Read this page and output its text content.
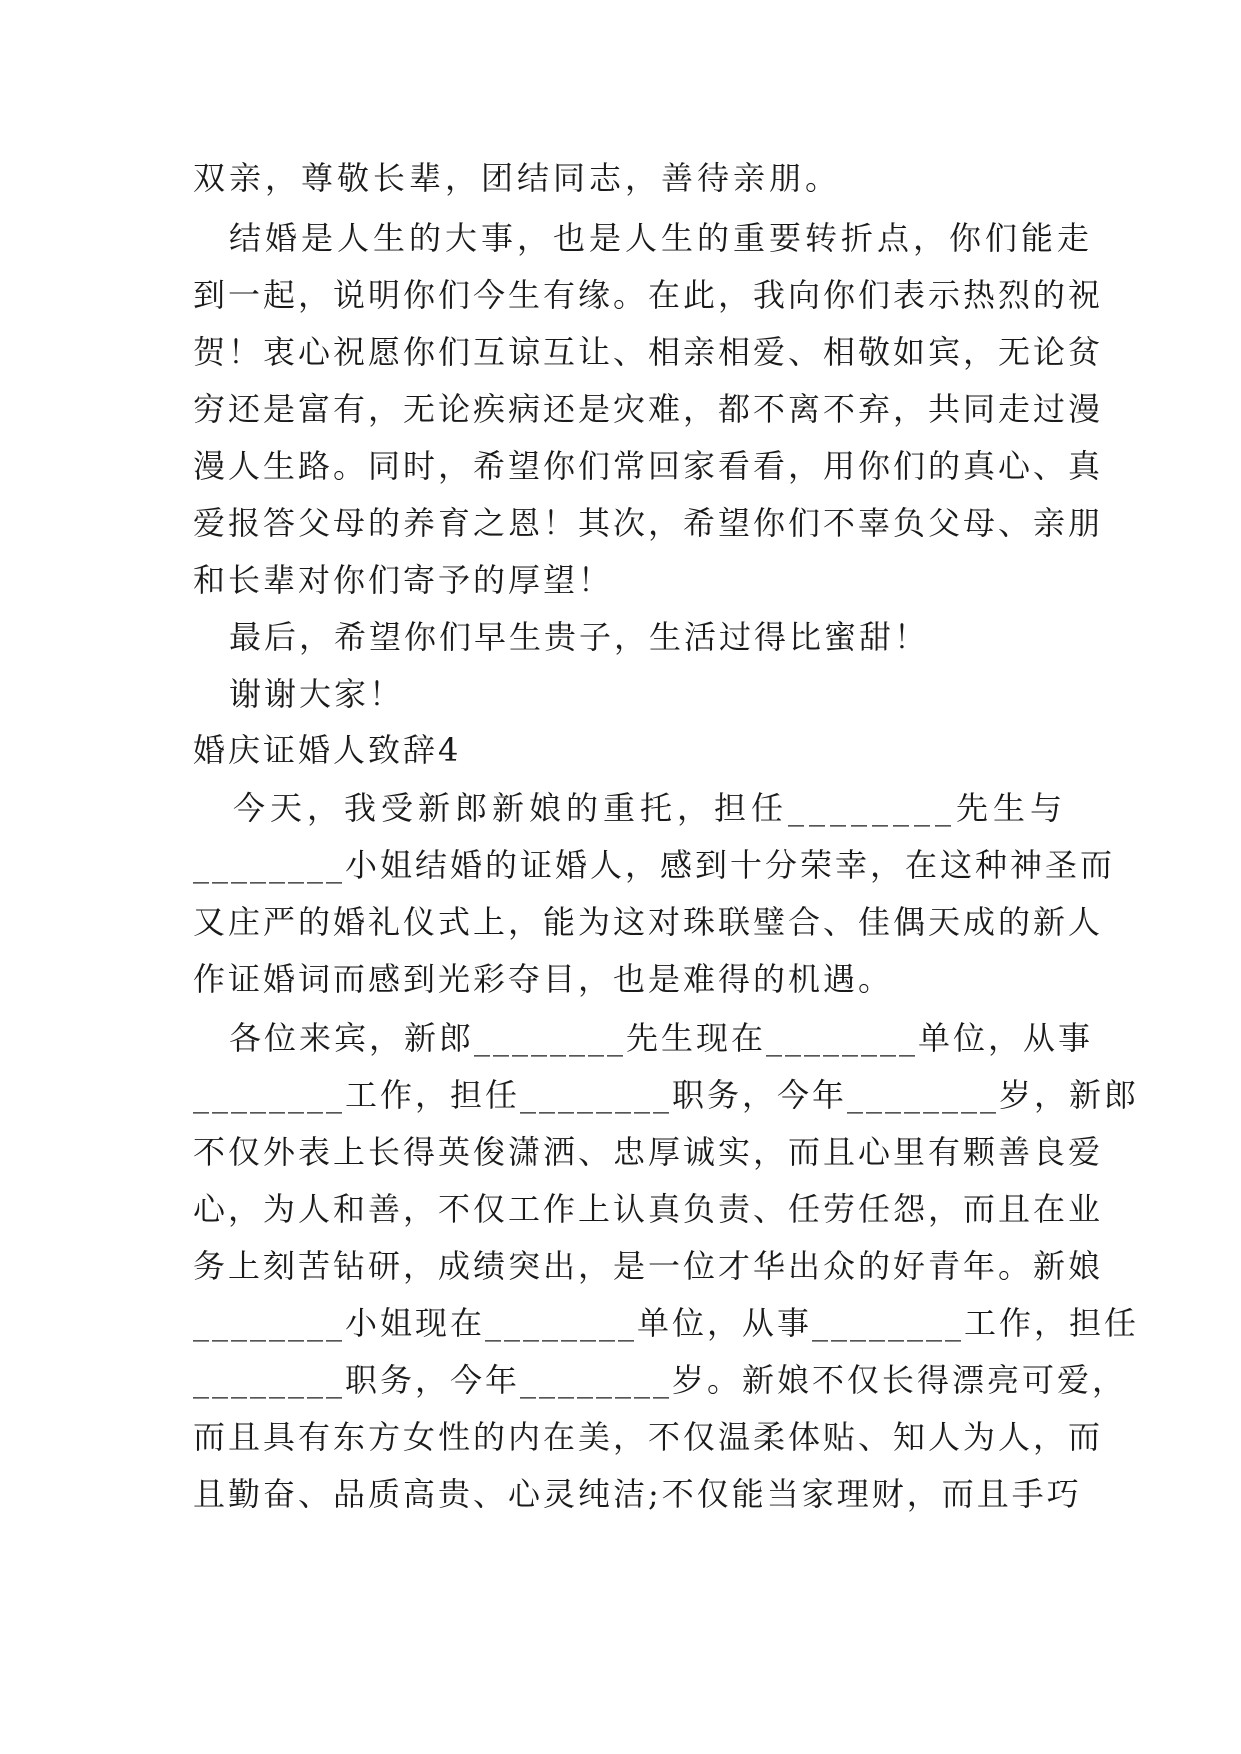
双亲，尊敬长辈，团结同志，善待亲朋。
结婚是人生的大事，也是人生的重要转折点，你们能走
到一起，说明你们今生有缘。在此，我向你们表示热烈的祝
贺！衷心祝愿你们互谅互让、相亲相爱、相敬如宾，无论贫
穷还是富有，无论疾病还是灾难，都不离不弃，共同走过漫
漫人生路。同时，希望你们常回家看看，用你们的真心、真
爱报答父母的养育之恩！其次，希望你们不辜负父母、亲朋
和长辈对你们寄予的厚望！
最后，希望你们早生贵子，生活过得比蜜甜！
谢谢大家！
婚庆证婚人致辞4
今天，我受新郎新娘的重托，担任________先生与
________小姐结婚的证婚人，感到十分荣幸，在这种神圣而
又庄严的婚礼仪式上，能为这对珠联璧合、佳偶天成的新人
作证婚词而感到光彩夺目，也是难得的机遇。
各位来宾，新郎________先生现在________单位，从事
________工作，担任________职务，今年________岁，新郎
不仅外表上长得英俊潇洒、忠厚诚实，而且心里有颗善良爱
心，为人和善，不仅工作上认真负责、任劳任怨，而且在业
务上刻苦钻研，成绩突出，是一位才华出众的好青年。新娘
________小姐现在________单位，从事________工作，担任
________职务，今年________岁。新娘不仅长得漂亮可爱，
而且具有东方女性的内在美，不仅温柔体贴、知人为人，而
且勤奋、品质高贵、心灵纯洁;不仅能当家理财，而且手巧
